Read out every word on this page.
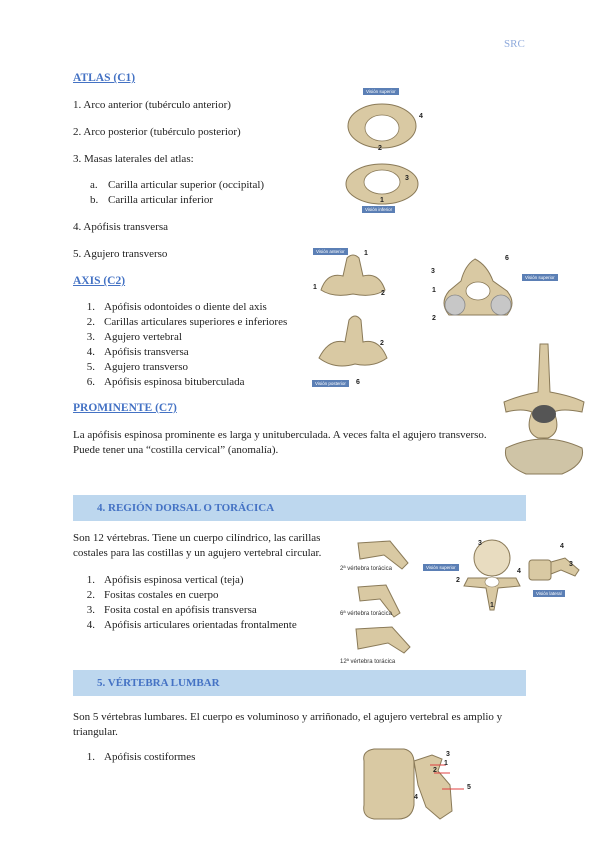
SRC
ATLAS (C1)
1. Arco anterior (tubérculo anterior)
2. Arco posterior (tubérculo posterior)
3. Masas laterales del atlas:
a. Carilla articular superior (occipital)
b. Carilla articular inferior
4. Apófisis transversa
5. Agujero transverso
Visión superior
4
2
3
1
Visión inferior
AXIS (C2)
1. Apófisis odontoides o diente del axis
2. Carillas articulares superiores e inferiores
3. Agujero vertebral
4. Apófisis transversa
5. Agujero transverso
6. Apófisis espinosa bituberculada
Visión anterior	1
1
2
2
Visión posterior	6
6
Visión superior
3
1
2
PROMINENTE (C7)
La apófisis espinosa prominente es larga y unituberculada. A veces falta el agujero transverso. Puede tener una “costilla cervical” (anomalía).
4. REGIÓN DORSAL O TORÁCICA
Son 12 vértebras. Tiene un cuerpo cilíndrico, las carillas costales para las costillas y un agujero vertebral circular.
1. Apófisis espinosa vertical (teja)
2. Fositas costales en cuerpo
3. Fosita costal en apófisis transversa
4. Apófisis articulares orientadas frontalmente
2ª vértebra torácica
6ª vértebra torácica
12ª vértebra torácica
Visión superior
3
2
4
1
4
3
Visión lateral
5. VÉRTEBRA LUMBAR
Son 5 vértebras lumbares. El cuerpo es voluminoso y arriñonado, el agujero vertebral es amplio y triangular.
1. Apófisis costiformes	3
1
2
5
4
